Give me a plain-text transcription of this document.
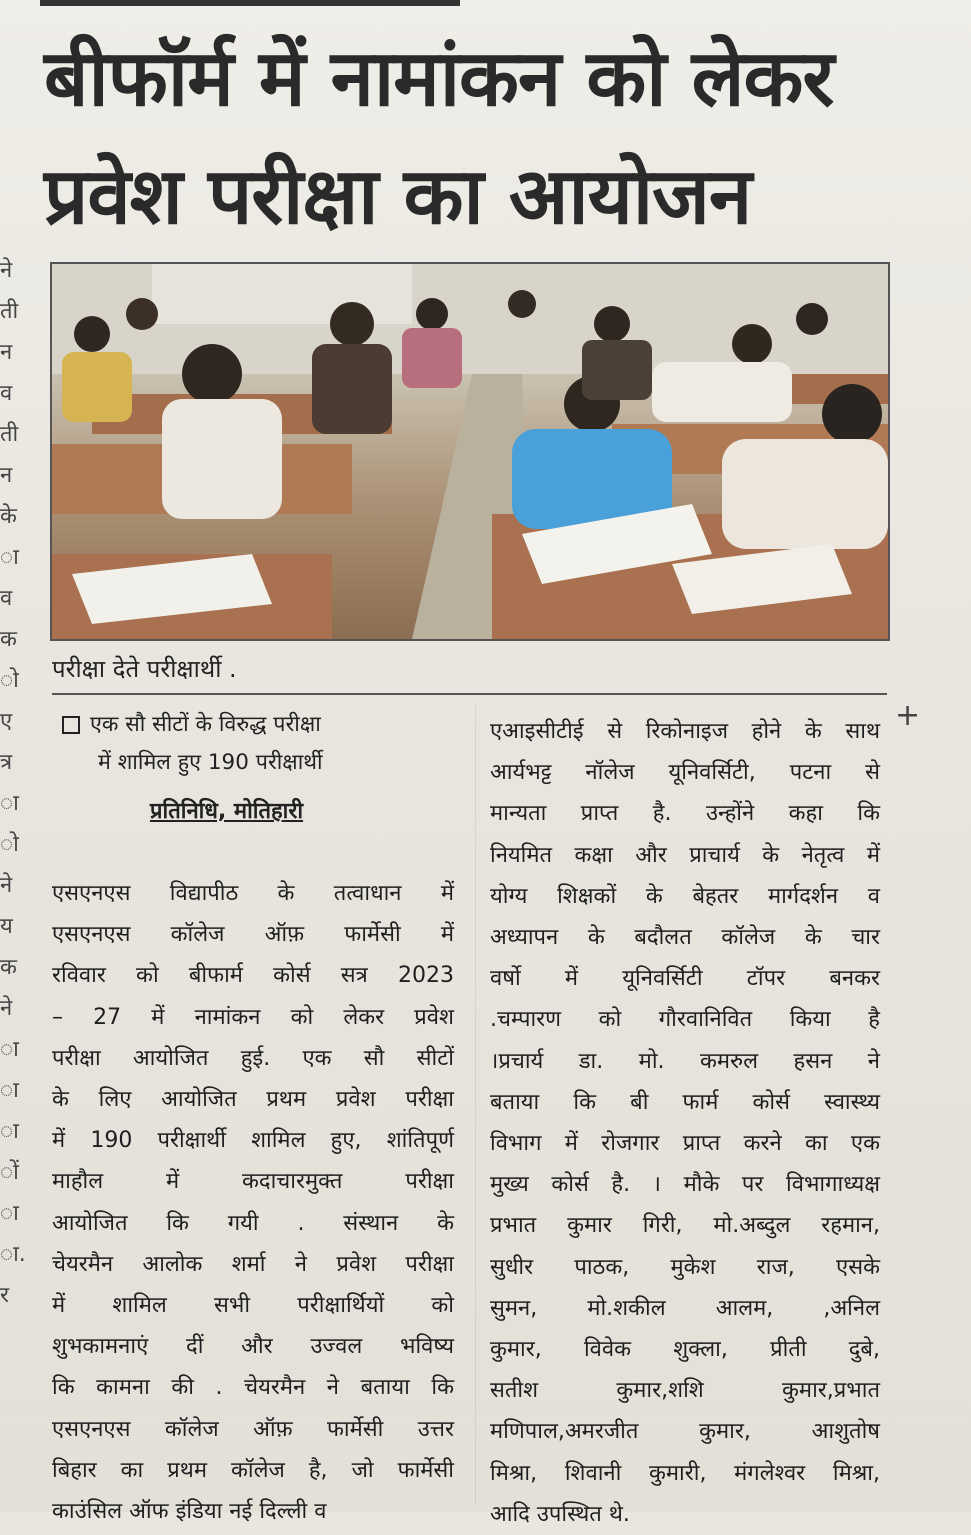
ने
ती
न
व
ती
न
के
ा
व
क
ो
ए
त्र
ा
ो
ने
य
क
ने
ा
ा
ा
ों
ा
ा.
र
बीफॉर्म में नामांकन को लेकर
प्रवेश परीक्षा का आयोजन
परीक्षा देते परीक्षार्थी .
+
एक सौ सीटों के विरुद्ध परीक्षा
में शामिल हुए 190 परीक्षार्थी
प्रतिनिधि, मोतिहारी
एसएनएस विद्यापीठ के तत्वाधान में
एसएनएस कॉलेज ऑफ़ फार्मेसी में
रविवार को बीफार्म कोर्स सत्र 2023
– 27 में नामांकन को लेकर प्रवेश
परीक्षा आयोजित हुई. एक सौ सीटों
के लिए आयोजित प्रथम प्रवेश परीक्षा
में 190 परीक्षार्थी शामिल हुए, शांतिपूर्ण
माहौल में कदाचारमुक्त परीक्षा
आयोजित कि गयी . संस्थान के
चेयरमैन आलोक शर्मा ने प्रवेश परीक्षा
में शामिल सभी परीक्षार्थियों को
शुभकामनाएं दीं और उज्वल भविष्य
कि कामना की . चेयरमैन ने बताया कि
एसएनएस कॉलेज ऑफ़ फार्मेसी उत्तर
बिहार का प्रथम कॉलेज है, जो फार्मेसी
काउंसिल ऑफ इंडिया नई दिल्ली व
एआइसीटीई से रिकोनाइज होने के साथ
आर्यभट्ट नॉलेज यूनिवर्सिटी, पटना से
मान्यता प्राप्त है. उन्होंने कहा कि
नियमित कक्षा और प्राचार्य के नेतृत्व में
योग्य शिक्षकों के बेहतर मार्गदर्शन व
अध्यापन के बदौलत कॉलेज के चार
वर्षो में यूनिवर्सिटी टॉपर बनकर
.चम्पारण को गौरवानिवित किया है
।प्रचार्य डा. मो. कमरुल हसन ने
बताया कि बी फार्म कोर्स स्वास्थ्य
विभाग में रोजगार प्राप्त करने का एक
मुख्य कोर्स है. । मौके पर विभागाध्यक्ष
प्रभात कुमार गिरी, मो.अब्दुल रहमान,
सुधीर पाठक, मुकेश राज, एसके
सुमन, मो.शकील आलम, ,अनिल
कुमार, विवेक शुक्ला, प्रीती दुबे,
सतीश कुमार,शशि कुमार,प्रभात
मणिपाल,अमरजीत कुमार, आशुतोष
मिश्रा, शिवानी कुमारी, मंगलेश्वर मिश्रा,
आदि उपस्थित थे.
